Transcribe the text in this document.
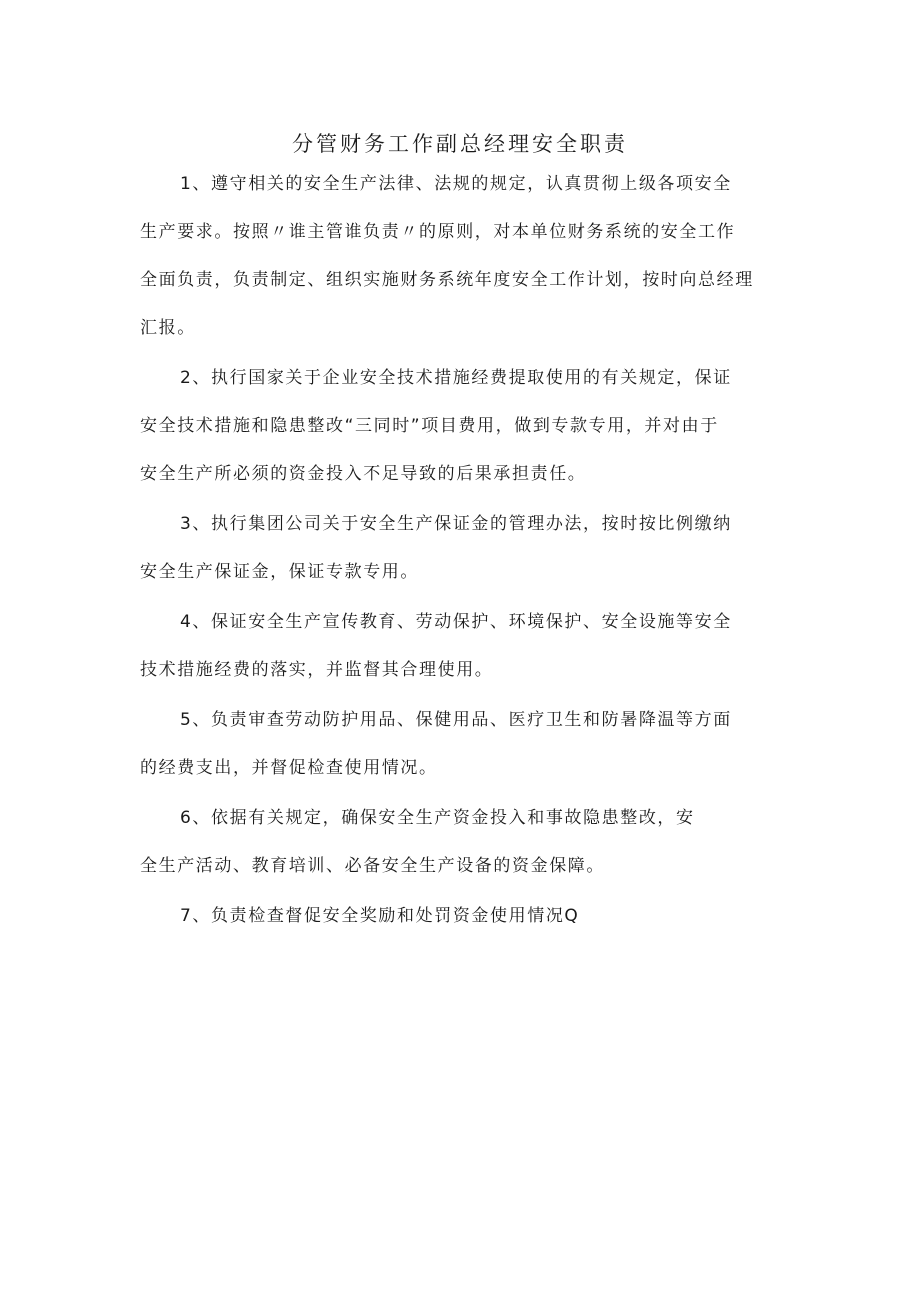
分管财务工作副总经理安全职责
1、遵守相关的安全生产法律、法规的规定，认真贯彻上级各项安全
生产要求。按照〃谁主管谁负责〃的原则，对本单位财务系统的安全工作
全面负责，负责制定、组织实施财务系统年度安全工作计划，按时向总经理
汇报。
2、执行国家关于企业安全技术措施经费提取使用的有关规定，保证
安全技术措施和隐患整改“三同时”项目费用，做到专款专用，并对由于
安全生产所必须的资金投入不足导致的后果承担责任。
3、执行集团公司关于安全生产保证金的管理办法，按时按比例缴纳
安全生产保证金，保证专款专用。
4、保证安全生产宣传教育、劳动保护、环境保护、安全设施等安全
技术措施经费的落实，并监督其合理使用。
5、负责审查劳动防护用品、保健用品、医疗卫生和防暑降温等方面
的经费支出，并督促检查使用情况。
6、依据有关规定，确保安全生产资金投入和事故隐患整改，安
全生产活动、教育培训、必备安全生产设备的资金保障。
7、负责检查督促安全奖励和处罚资金使用情况Q
